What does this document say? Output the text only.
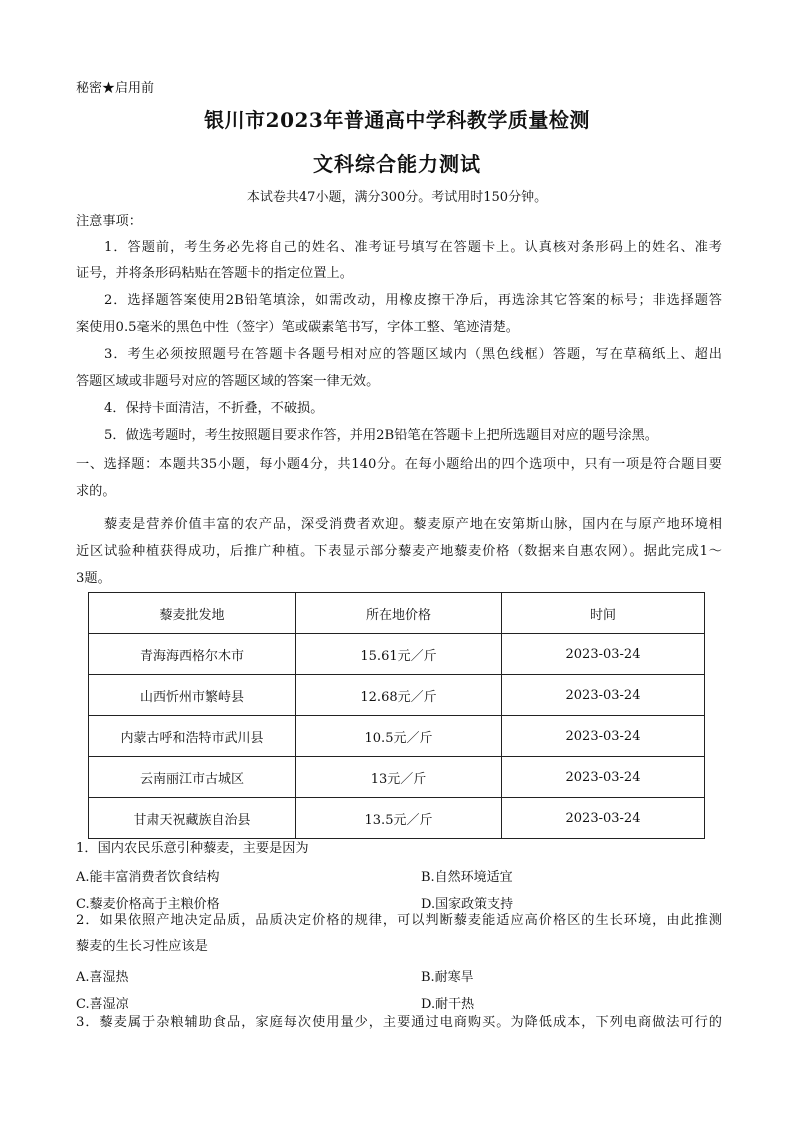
秘密★启用前
银川市2023年普通高中学科教学质量检测
文科综合能力测试
本试卷共47小题，满分300分。考试用时150分钟。
注意事项：
1．答题前，考生务必先将自己的姓名、准考证号填写在答题卡上。认真核对条形码上的姓名、准考
证号，并将条形码粘贴在答题卡的指定位置上。
2．选择题答案使用2B铅笔填涂，如需改动，用橡皮擦干净后，再选涂其它答案的标号；非选择题答
案使用0.5毫米的黑色中性（签字）笔或碳素笔书写，字体工整、笔迹清楚。
3．考生必须按照题号在答题卡各题号相对应的答题区域内（黑色线框）答题，写在草稿纸上、超出
答题区域或非题号对应的答题区域的答案一律无效。
4．保持卡面清洁，不折叠，不破损。
5．做选考题时，考生按照题目要求作答，并用2B铅笔在答题卡上把所选题目对应的题号涂黑。
一、选择题：本题共35小题，每小题4分，共140分。在每小题给出的四个选项中，只有一项是符合题目要
求的。
藜麦是营养价值丰富的农产品，深受消费者欢迎。藜麦原产地在安第斯山脉，国内在与原产地环境相
近区试验种植获得成功，后推广种植。下表显示部分藜麦产地藜麦价格（数据来自惠农网）。据此完成1～
3题。
藜麦批发地	所在地价格	时间
青海海西格尔木市	15.61元／斤	2023-03-24
山西忻州市繁峙县	12.68元／斤	2023-03-24
内蒙古呼和浩特市武川县	10.5元／斤	2023-03-24
云南丽江市古城区	13元／斤	2023-03-24
甘肃天祝藏族自治县	13.5元／斤	2023-03-24
1．国内农民乐意引种藜麦，主要是因为
A.能丰富消费者饮食结构	B.自然环境适宜
C.藜麦价格高于主粮价格	D.国家政策支持
2．如果依照产地决定品质，品质决定价格的规律，可以判断藜麦能适应高价格区的生长环境，由此推测
藜麦的生长习性应该是
A.喜湿热	B.耐寒旱
C.喜湿凉	D.耐干热
3．藜麦属于杂粮辅助食品，家庭每次使用量少，主要通过电商购买。为降低成本，下列电商做法可行的
